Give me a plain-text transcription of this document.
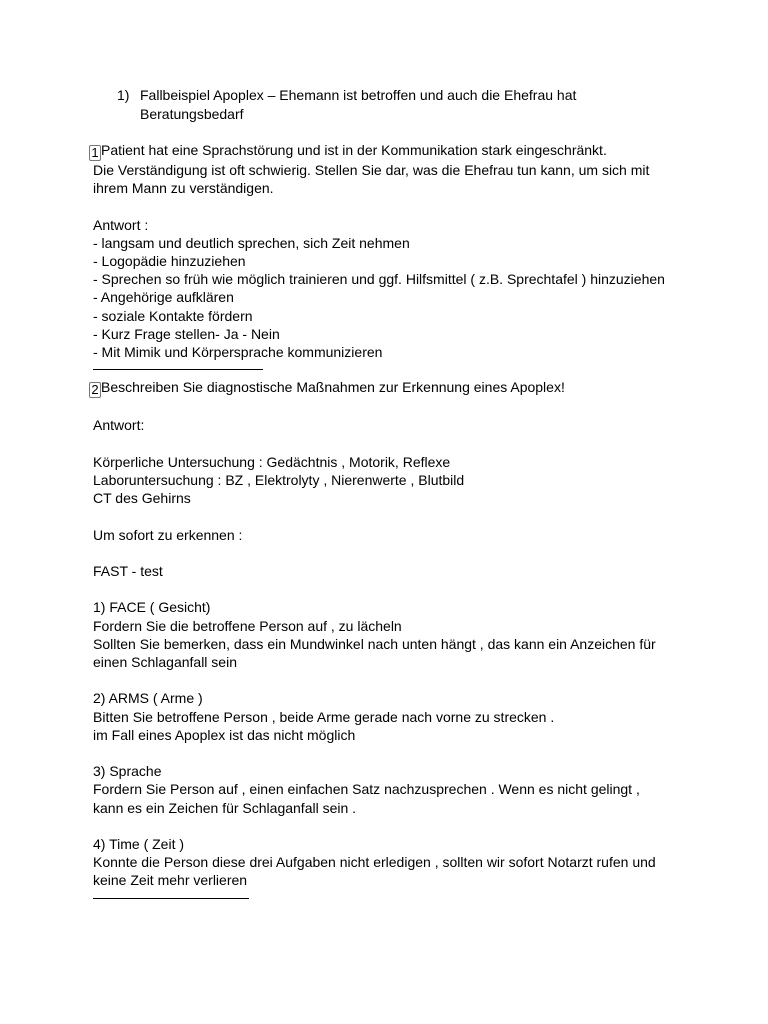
1) Fallbeispiel Apoplex – Ehemann ist betroffen und auch die Ehefrau hat
Beratungsbedarf
1 Patient hat eine Sprachstörung und ist in der Kommunikation stark eingeschränkt.
Die Verständigung ist oft schwierig. Stellen Sie dar, was die Ehefrau tun kann, um sich mit
ihrem Mann zu verständigen.
Antwort :
- langsam und deutlich sprechen, sich Zeit nehmen
- Logopädie hinzuziehen
- Sprechen so früh wie möglich trainieren und ggf. Hilfsmittel ( z.B. Sprechtafel ) hinzuziehen
- Angehörige aufklären
- soziale Kontakte fördern
- Kurz Frage stellen- Ja - Nein
- Mit Mimik und Körpersprache kommunizieren
2 Beschreiben Sie diagnostische Maßnahmen zur Erkennung eines Apoplex!
Antwort:
Körperliche Untersuchung : Gedächtnis , Motorik, Reflexe
Laboruntersuchung : BZ , Elektrolyty , Nierenwerte , Blutbild
CT des Gehirns
Um sofort zu erkennen :
FAST - test
1) FACE ( Gesicht)
Fordern Sie die betroffene Person auf , zu lächeln
Sollten Sie bemerken, dass ein Mundwinkel nach unten hängt , das kann ein Anzeichen für
einen Schlaganfall sein
2) ARMS ( Arme )
Bitten Sie betroffene Person , beide Arme gerade nach vorne zu strecken .
im Fall eines Apoplex ist das nicht möglich
3) Sprache
Fordern Sie Person auf , einen einfachen Satz nachzusprechen . Wenn es nicht gelingt ,
kann es ein Zeichen für Schlaganfall sein .
4) Time ( Zeit )
Konnte die Person diese drei Aufgaben nicht erledigen , sollten wir sofort Notarzt rufen und
keine Zeit mehr verlieren
